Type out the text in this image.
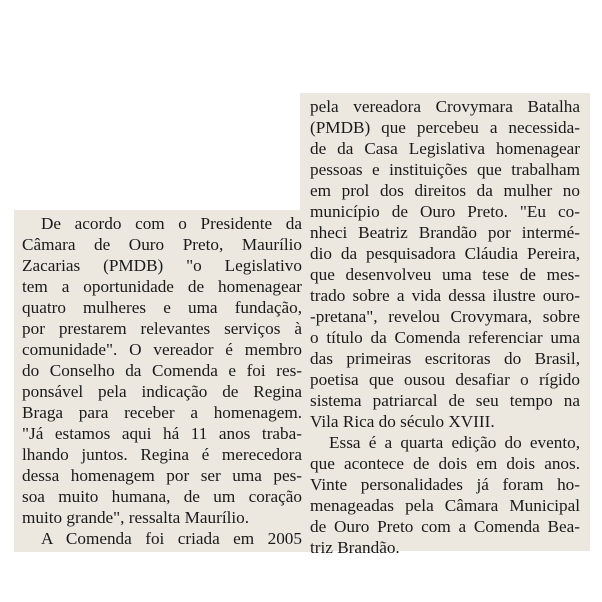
De acordo com o Presidente da
Câmara de Ouro Preto, Maurílio
Zacarias (PMDB) "o Legislativo
tem a oportunidade de homenagear
quatro mulheres e uma fundação,
por prestarem relevantes serviços à
comunidade". O vereador é membro
do Conselho da Comenda e foi res-
ponsável pela indicação de Regina
Braga para receber a homenagem.
"Já estamos aqui há 11 anos traba-
lhando juntos. Regina é merecedora
dessa homenagem por ser uma pes-
soa muito humana, de um coração
muito grande", ressalta Maurílio.
A Comenda foi criada em 2005
pela vereadora Crovymara Batalha
(PMDB) que percebeu a necessida-
de da Casa Legislativa homenagear
pessoas e instituições que trabalham
em prol dos direitos da mulher no
município de Ouro Preto. "Eu co-
nheci Beatriz Brandão por intermé-
dio da pesquisadora Cláudia Pereira,
que desenvolveu uma tese de mes-
trado sobre a vida dessa ilustre ouro-
-pretana", revelou Crovymara, sobre
o título da Comenda referenciar uma
das primeiras escritoras do Brasil,
poetisa que ousou desafiar o rígido
sistema patriarcal de seu tempo na
Vila Rica do século XVIII.
Essa é a quarta edição do evento,
que acontece de dois em dois anos.
Vinte personalidades já foram ho-
menageadas pela Câmara Municipal
de Ouro Preto com a Comenda Bea-
triz Brandão.
